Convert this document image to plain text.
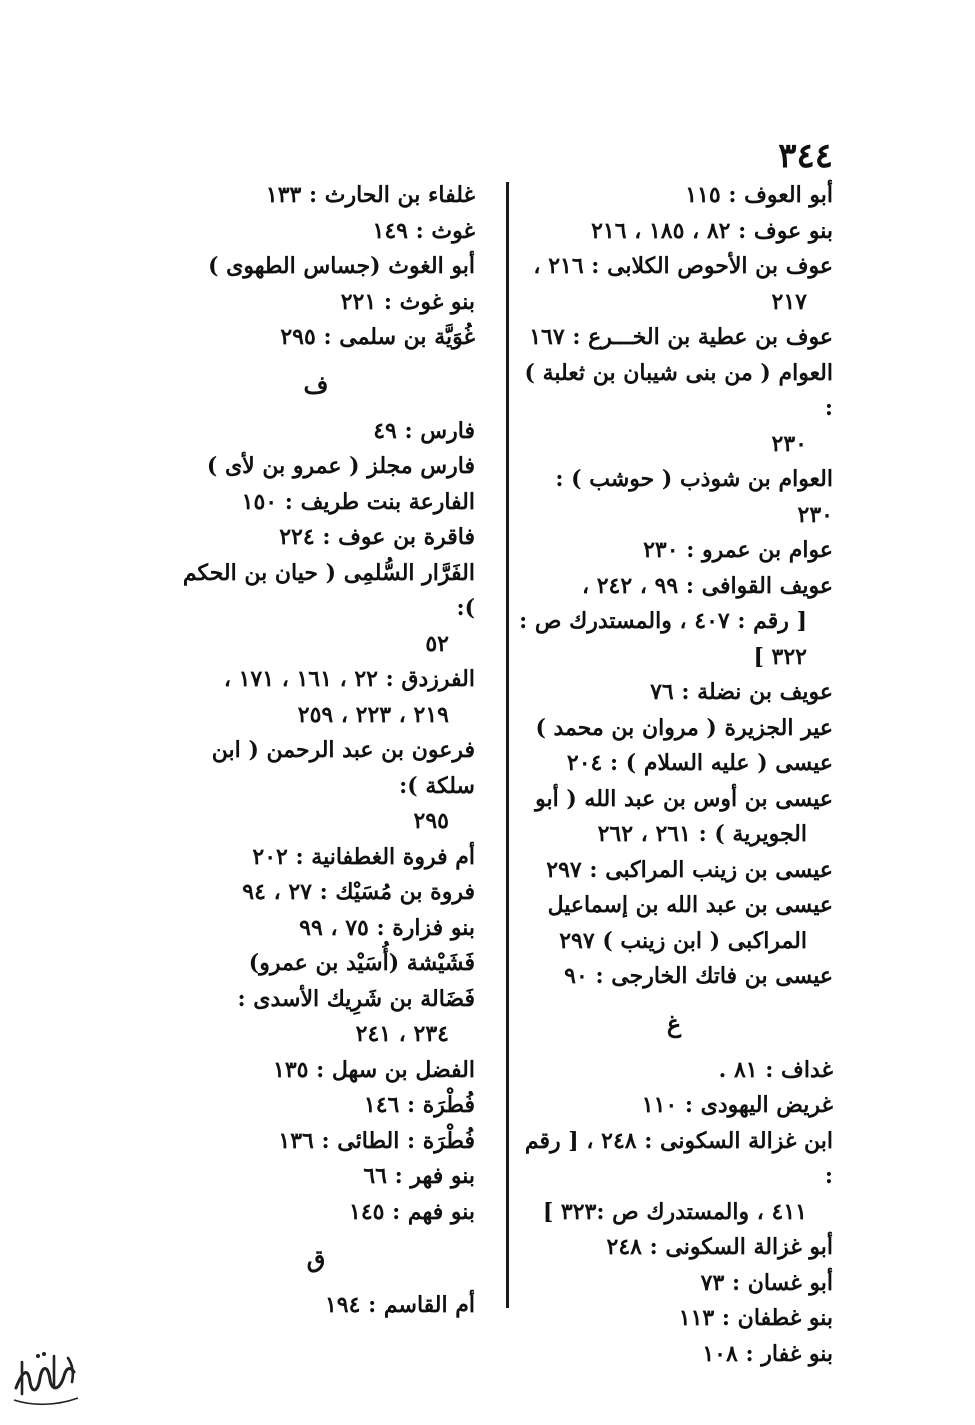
٣٤٤
أبو العوف : ١١٥
بنو عوف : ٨٢ ، ١٨٥ ، ٢١٦
عوف بن الأحوص الكلابى : ٢١٦ ،
٢١٧
عوف بن عطية بن الخـــرع : ١٦٧
العوام ( من بنى شيبان بن ثعلبة ) :
٢٣٠
العوام بن شوذب ( حوشب ) : ٢٣٠
عوام بن عمرو : ٢٣٠
عويف القوافى : ٩٩ ، ٢٤٢ ،
[ رقم : ٤٠٧ ، والمستدرك ص : ٣٢٢ ]
عويف بن نضلة : ٧٦
عير الجزيرة ( مروان بن محمد )
عيسى ( عليه السلام ) : ٢٠٤
عيسى بن أوس بن عبد الله ( أبو
الجويرية ) : ٢٦١ ، ٢٦٢
عيسى بن زينب المراكبى : ٢٩٧
عيسى بن عبد الله بن إسماعيل
المراكبى ( ابن زينب ) ٢٩٧
عيسى بن فاتك الخارجى : ٩٠
غ
غداف : ٨١ .
غريض اليهودى : ١١٠
ابن غزالة السكونى : ٢٤٨ ، [ رقم :
٤١١ ، والمستدرك ص :٣٢٣ ]
أبو غزالة السكونى : ٢٤٨
أبو غسان : ٧٣
بنو غطفان : ١١٣
بنو غفار : ١٠٨
غلفاء بن الحارث : ١٣٣
غوث : ١٤٩
أبو الغوث (جساس الطهوى )
بنو غوث : ٢٢١
غُوَيَّة بن سلمى : ٢٩٥
ف
فارس : ٤٩
فارس مجلز ( عمرو بن لأى )
الفارعة بنت طريف : ١٥٠
فاقرة بن عوف : ٢٢٤
الفَرَّار السُّلمِى ( حيان بن الحكم ):
٥٢
الفرزدق : ٢٢ ، ١٦١ ، ١٧١ ،
٢١٩ ، ٢٢٣ ، ٢٥٩
فرعون بن عبد الرحمن ( ابن سلكة ):
٢٩٥
أم فروة الغطفانية : ٢٠٢
فروة بن مُسَيْك : ٢٧ ، ٩٤
بنو فزارة : ٧٥ ، ٩٩
فَشَيْشة (أُسَيْد بن عمرو)
فَضَالة بن شَرِيك الأسدى :
٢٣٤ ، ٢٤١
الفضل بن سهل : ١٣٥
فُطْرَة : ١٤٦
فُطْرَة : الطائى : ١٣٦
بنو فهر : ٦٦
بنو فهم : ١٤٥
ق
أم القاسم : ١٩٤
